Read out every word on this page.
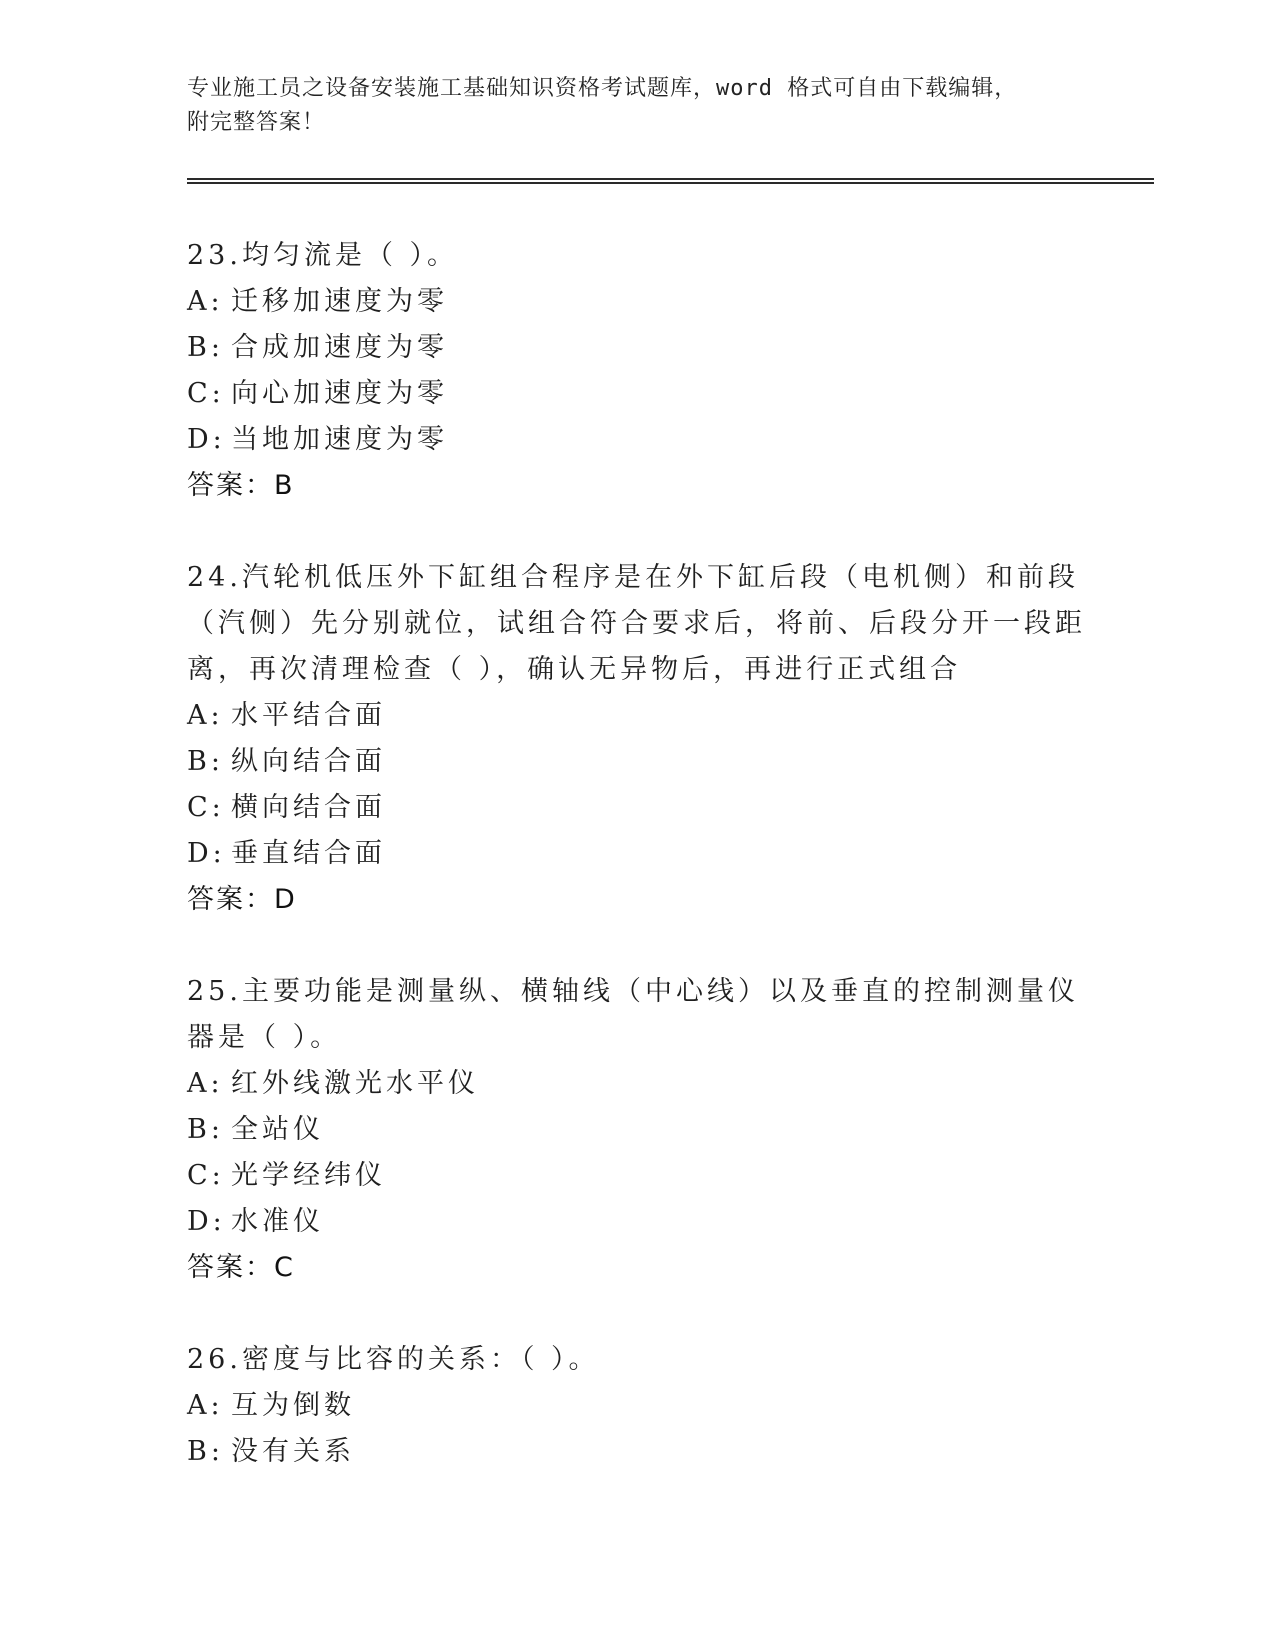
专业施工员之设备安装施工基础知识资格考试题库，word 格式可自由下载编辑，
附完整答案！
23.均匀流是（ ）。
A: 迁移加速度为零
B: 合成加速度为零
C: 向心加速度为零
D: 当地加速度为零
答案：B
24.汽轮机低压外下缸组合程序是在外下缸后段（电机侧）和前段（汽侧）先分别就位，试组合符合要求后，将前、后段分开一段距离，再次清理检查（ ），确认无异物后，再进行正式组合
A: 水平结合面
B: 纵向结合面
C: 横向结合面
D: 垂直结合面
答案：D
25.主要功能是测量纵、横轴线（中心线）以及垂直的控制测量仪器是（ ）。
A: 红外线激光水平仪
B: 全站仪
C: 光学经纬仪
D: 水准仪
答案：C
26.密度与比容的关系：（ ）。
A: 互为倒数
B: 没有关系
